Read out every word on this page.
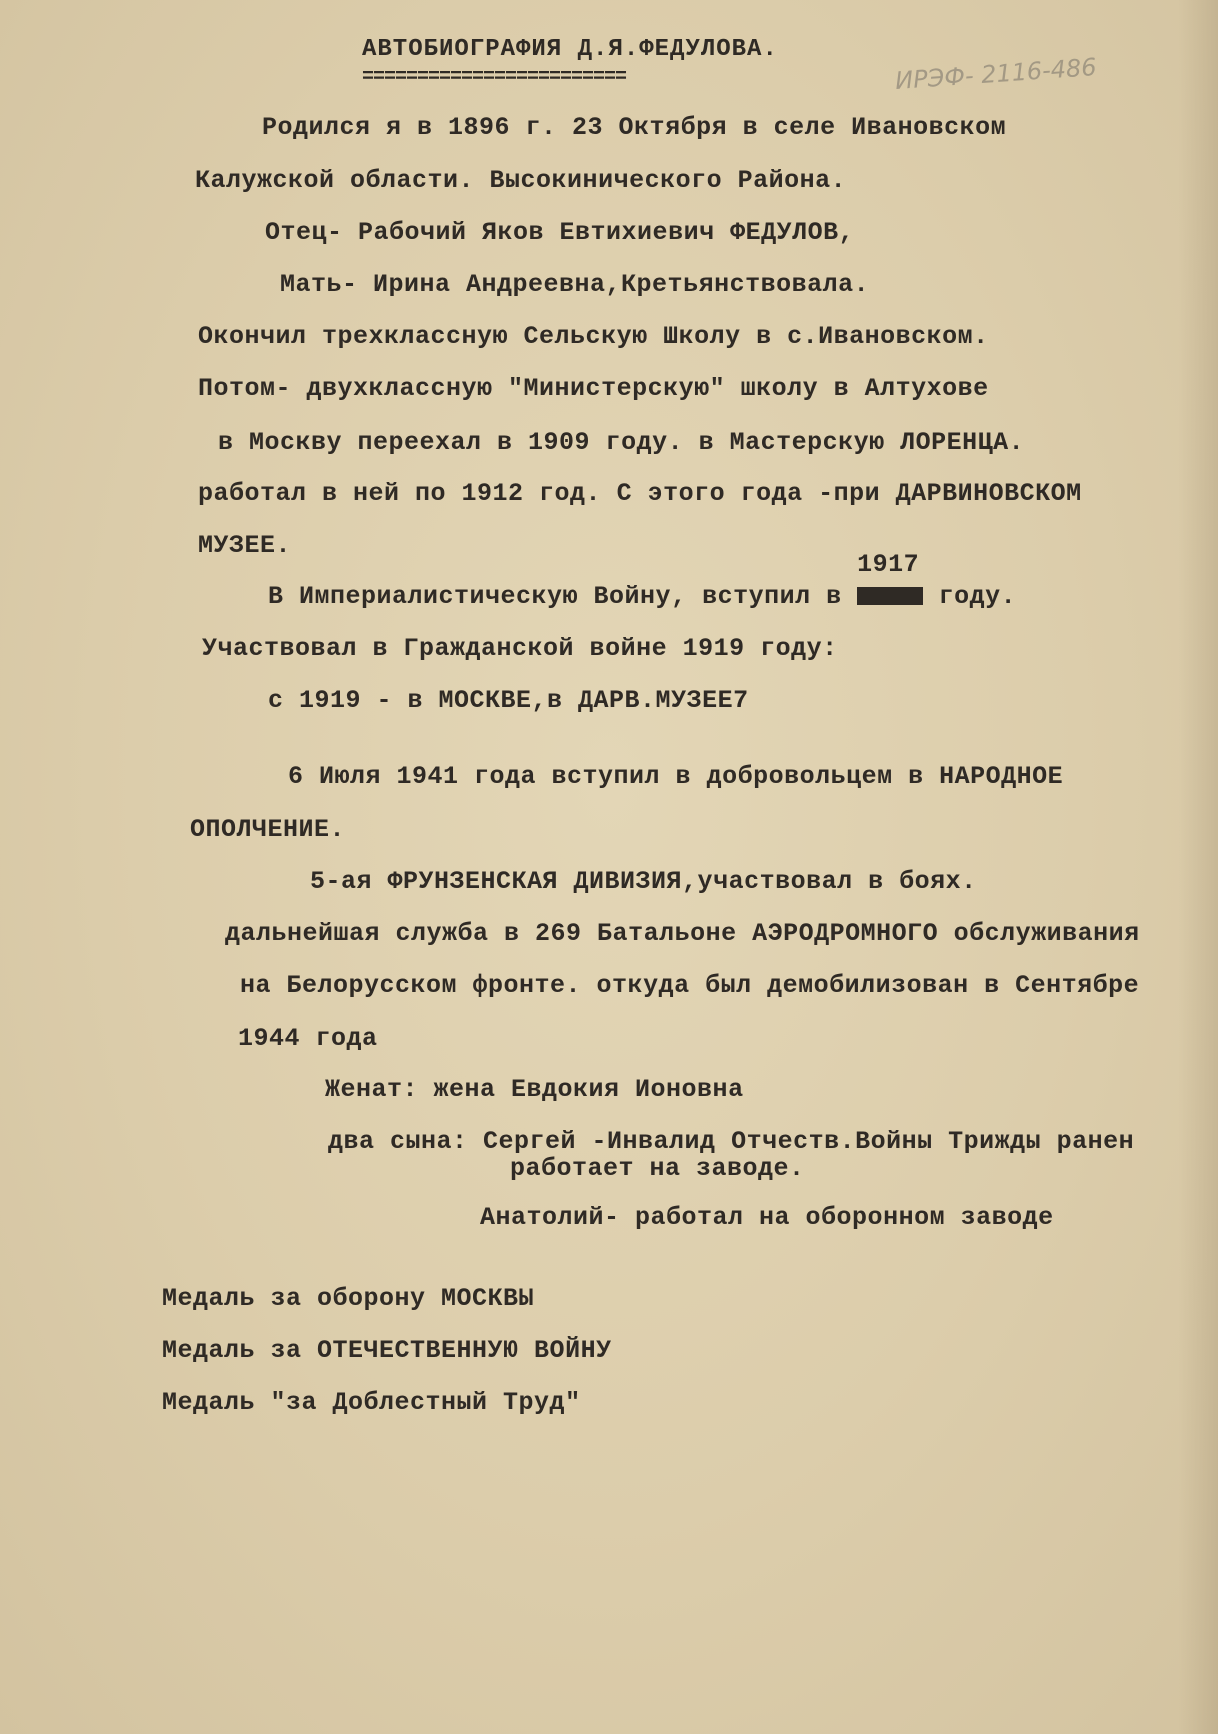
АВТОБИОГРАФИЯ Д.Я.ФЕДУЛОВА.
========================	ИРЭФ- 2116-486
Родился я в 1896 г. 23 Октября в селе Ивановском
Калужской области. Высокинического Района.
Отец- Рабочий Яков Евтихиевич ФЕДУЛОВ,
Мать- Ирина Андреевна,Кретьянствовала.
Окончил трехклассную Сельскую Школу в с.Ивановском.
Потом- двухклассную "Министерскую" школу в Алтухове
в Москву переехал в 1909 году. в Мастерскую ЛОРЕНЦА.
работал в ней по 1912 год. С этого года -при ДАРВИНОВСКОМ
МУЗЕЕ.
В Империалистическую Войну, вступил в
1917
году.
Участвовал в Гражданской войне 1919 году:
с 1919 - в МОСКВЕ,в ДАРВ.МУЗЕЕ7
6 Июля 1941 года вступил в добровольцем в НАРОДНОЕ
ОПОЛЧЕНИЕ.
5-ая ФРУНЗЕНСКАЯ ДИВИЗИЯ,участвовал в боях.
дальнейшая служба в 269 Батальоне АЭРОДРОМНОГО обслуживания
на Белорусском фронте. откуда был демобилизован в Сентябре
1944 года
Женат: жена Евдокия Ионовна
два сына: Сергей -Инвалид Отчеств.Войны Трижды ранен
работает на заводе.
Анатолий- работал на оборонном заводе
Медаль за оборону МОСКВЫ
Медаль за ОТЕЧЕСТВЕННУЮ ВОЙНУ
Медаль "за Доблестный Труд"
